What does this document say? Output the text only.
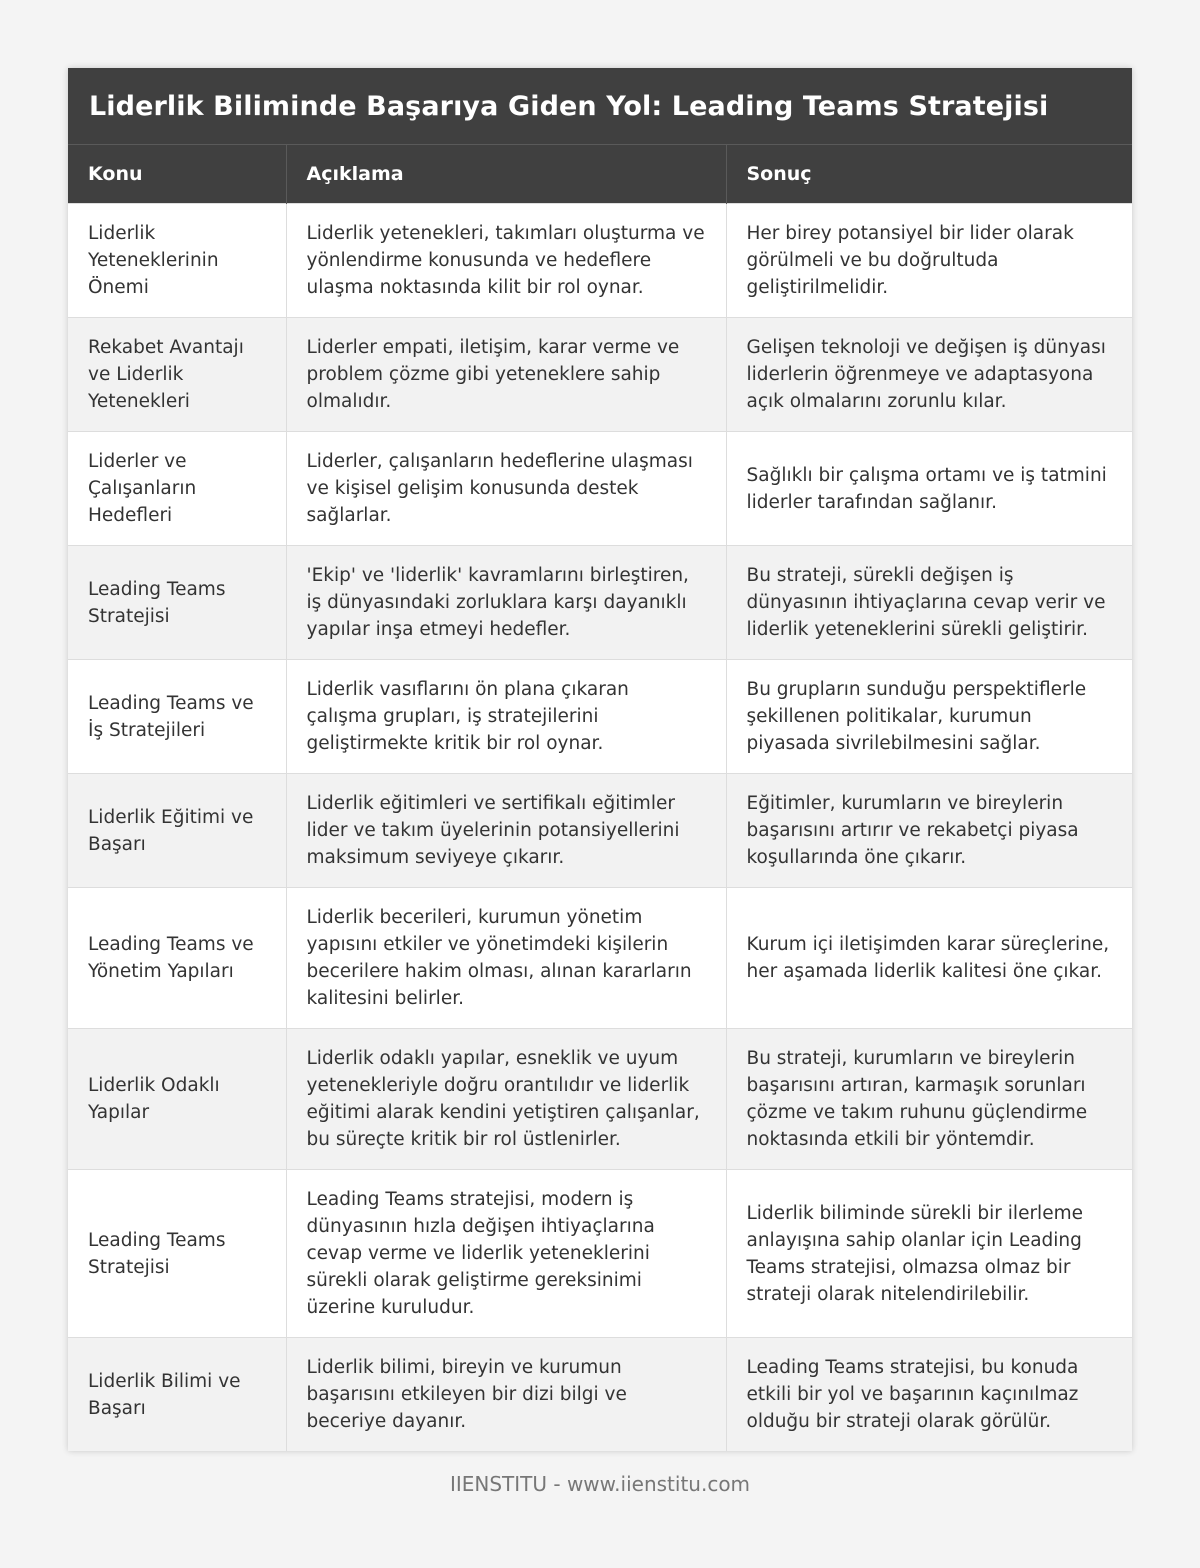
Liderlik Biliminde Başarıya Giden Yol: Leading Teams Stratejisi
Konu	Açıklama	Sonuç
Liderlik Yeteneklerinin Önemi	Liderlik yetenekleri, takımları oluşturma ve yönlendirme konusunda ve hedeflere ulaşma noktasında kilit bir rol oynar.	Her birey potansiyel bir lider olarak görülmeli ve bu doğrultuda geliştirilmelidir.
Rekabet Avantajı ve Liderlik Yetenekleri	Liderler empati, iletişim, karar verme ve problem çözme gibi yeteneklere sahip olmalıdır.	Gelişen teknoloji ve değişen iş dünyası liderlerin öğrenmeye ve adaptasyona açık olmalarını zorunlu kılar.
Liderler ve Çalışanların Hedefleri	Liderler, çalışanların hedeflerine ulaşması ve kişisel gelişim konusunda destek sağlarlar.	Sağlıklı bir çalışma ortamı ve iş tatmini liderler tarafından sağlanır.
Leading Teams Stratejisi	'Ekip' ve 'liderlik' kavramlarını birleştiren, iş dünyasındaki zorluklara karşı dayanıklı yapılar inşa etmeyi hedefler.	Bu strateji, sürekli değişen iş dünyasının ihtiyaçlarına cevap verir ve liderlik yeteneklerini sürekli geliştirir.
Leading Teams ve İş Stratejileri	Liderlik vasıflarını ön plana çıkaran çalışma grupları, iş stratejilerini geliştirmekte kritik bir rol oynar.	Bu grupların sunduğu perspektiflerle şekillenen politikalar, kurumun piyasada sivrilebilmesini sağlar.
Liderlik Eğitimi ve Başarı	Liderlik eğitimleri ve sertifikalı eğitimler lider ve takım üyelerinin potansiyellerini maksimum seviyeye çıkarır.	Eğitimler, kurumların ve bireylerin başarısını artırır ve rekabetçi piyasa koşullarında öne çıkarır.
Leading Teams ve Yönetim Yapıları	Liderlik becerileri, kurumun yönetim yapısını etkiler ve yönetimdeki kişilerin becerilere hakim olması, alınan kararların kalitesini belirler.	Kurum içi iletişimden karar süreçlerine, her aşamada liderlik kalitesi öne çıkar.
Liderlik Odaklı Yapılar	Liderlik odaklı yapılar, esneklik ve uyum yetenekleriyle doğru orantılıdır ve liderlik eğitimi alarak kendini yetiştiren çalışanlar, bu süreçte kritik bir rol üstlenirler.	Bu strateji, kurumların ve bireylerin başarısını artıran, karmaşık sorunları çözme ve takım ruhunu güçlendirme noktasında etkili bir yöntemdir.
Leading Teams Stratejisi	Leading Teams stratejisi, modern iş dünyasının hızla değişen ihtiyaçlarına cevap verme ve liderlik yeteneklerini sürekli olarak geliştirme gereksinimi üzerine kuruludur.	Liderlik biliminde sürekli bir ilerleme anlayışına sahip olanlar için Leading Teams stratejisi, olmazsa olmaz bir strateji olarak nitelendirilebilir.
Liderlik Bilimi ve Başarı	Liderlik bilimi, bireyin ve kurumun başarısını etkileyen bir dizi bilgi ve beceriye dayanır.	Leading Teams stratejisi, bu konuda etkili bir yol ve başarının kaçınılmaz olduğu bir strateji olarak görülür.
IIENSTITU - www.iienstitu.com
